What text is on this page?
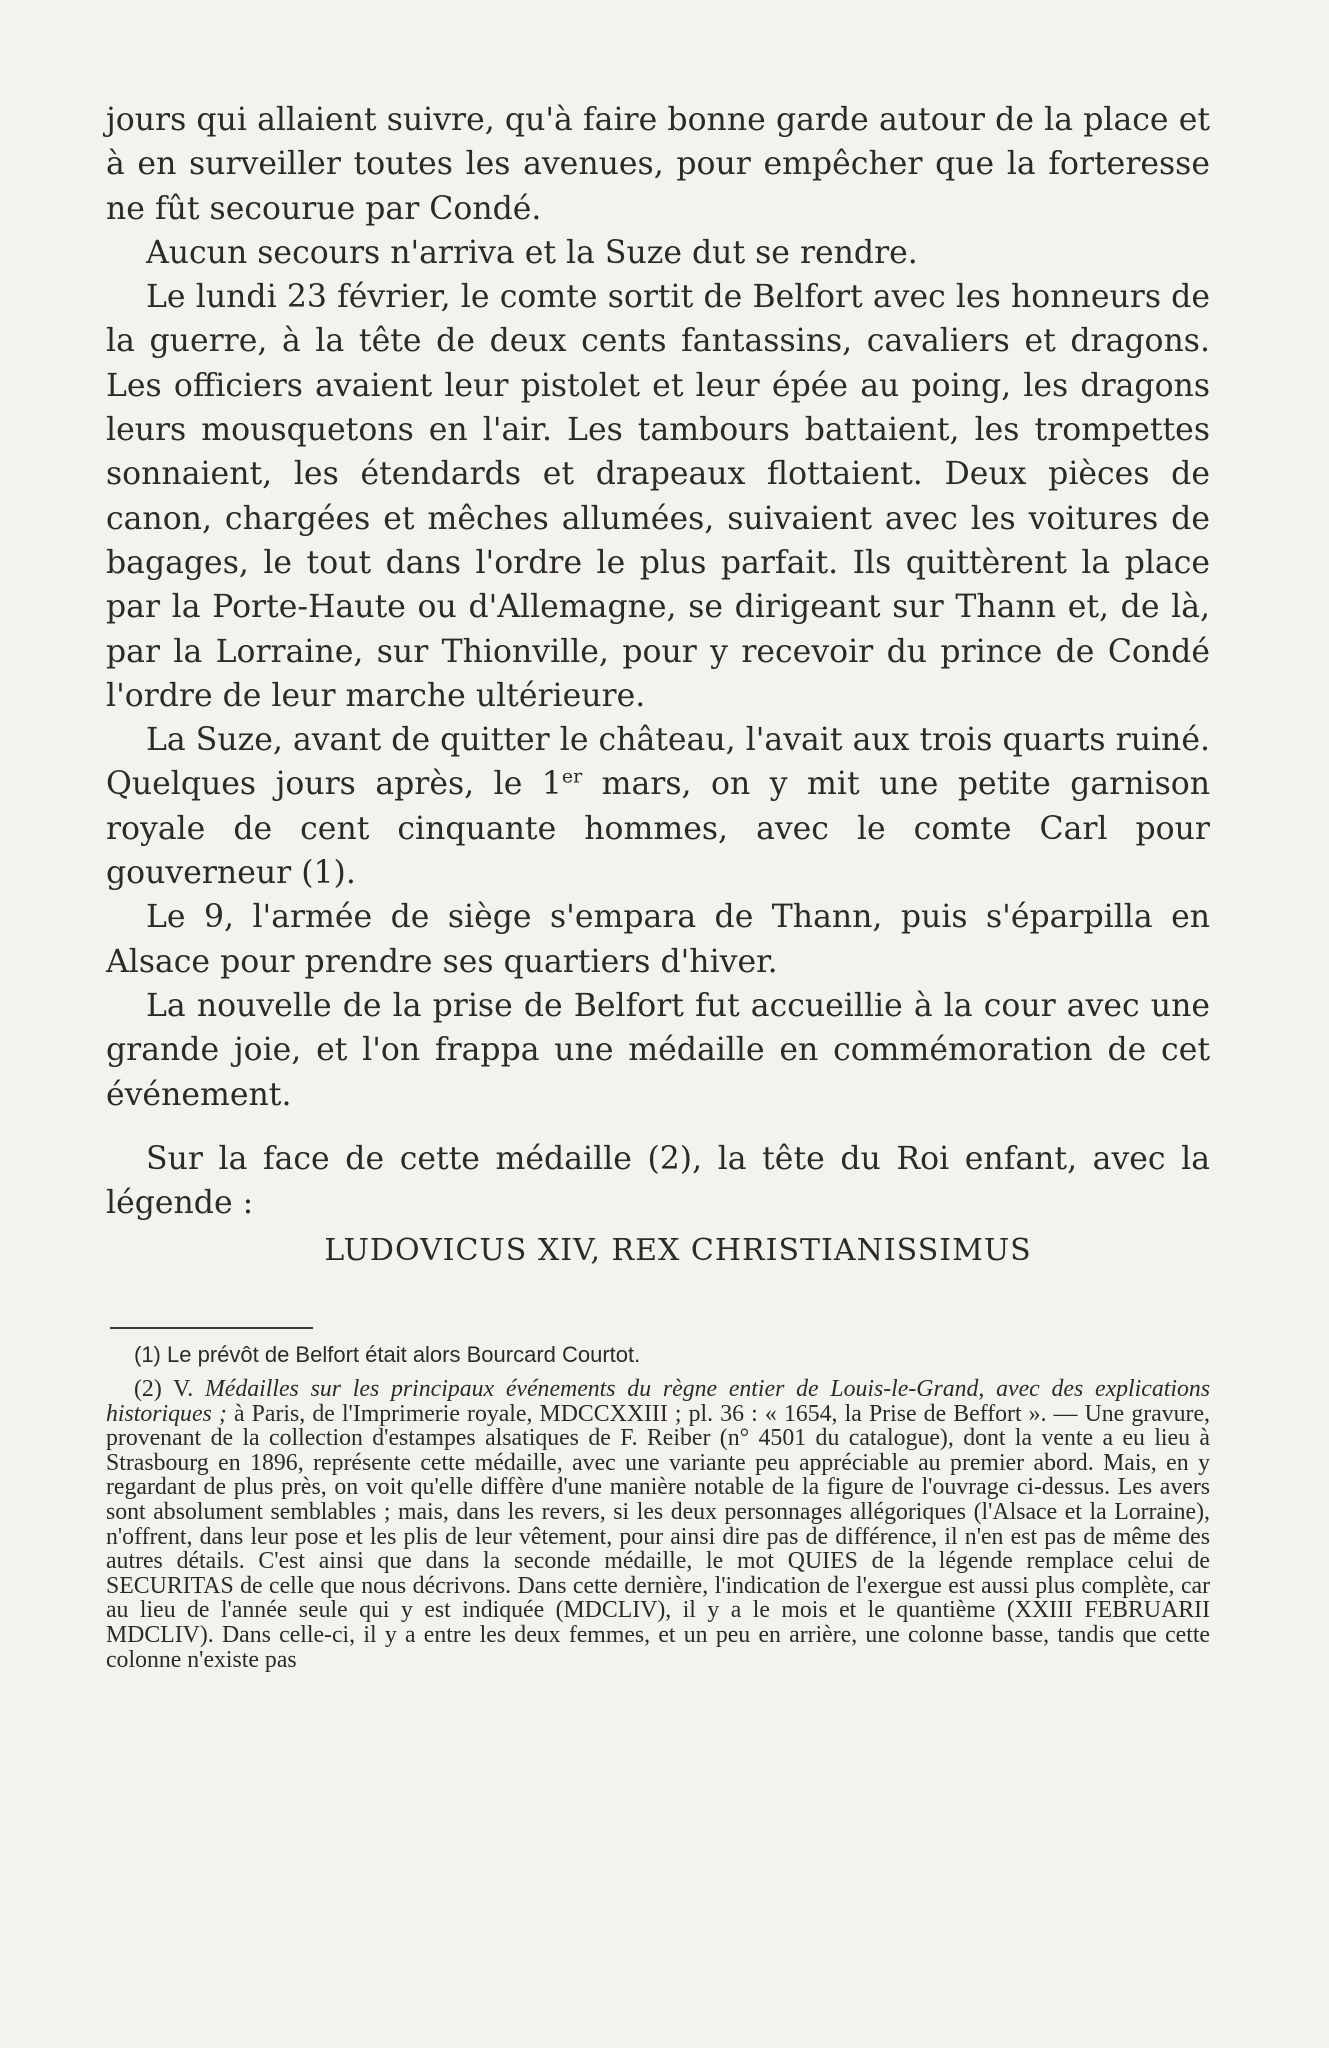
jours qui allaient suivre, qu'à faire bonne garde autour de la place et à en surveiller toutes les avenues, pour empêcher que la forteresse ne fût secourue par Condé.

Aucun secours n'arriva et la Suze dut se rendre.

Le lundi 23 février, le comte sortit de Belfort avec les honneurs de la guerre, à la tête de deux cents fantassins, cavaliers et dragons. Les officiers avaient leur pistolet et leur épée au poing, les dragons leurs mousquetons en l'air. Les tambours battaient, les trompettes sonnaient, les étendards et drapeaux flottaient. Deux pièces de canon, chargées et mêches allumées, suivaient avec les voitures de bagages, le tout dans l'ordre le plus parfait. Ils quittèrent la place par la Porte-Haute ou d'Allemagne, se dirigeant sur Thann et, de là, par la Lorraine, sur Thionville, pour y recevoir du prince de Condé l'ordre de leur marche ultérieure.

La Suze, avant de quitter le château, l'avait aux trois quarts ruiné. Quelques jours après, le 1er mars, on y mit une petite garnison royale de cent cinquante hommes, avec le comte Carl pour gouverneur (1).

Le 9, l'armée de siège s'empara de Thann, puis s'éparpilla en Alsace pour prendre ses quartiers d'hiver.

La nouvelle de la prise de Belfort fut accueillie à la cour avec une grande joie, et l'on frappa une médaille en commémoration de cet événement.

Sur la face de cette médaille (2), la tête du Roi enfant, avec la légende :

LUDOVICUS XIV, REX CHRISTIANISSIMUS

(1) Le prévôt de Belfort était alors Bourcard Courtot.

(2) V. Médailles sur les principaux événements du règne entier de Louis-le-Grand, avec des explications historiques ; à Paris, de l'Imprimerie royale, MDCCXXIII ; pl. 36 : « 1654, la Prise de Beffort ». — Une gravure, provenant de la collection d'estampes alsatiques de F. Reiber (n° 4501 du catalogue), dont la vente a eu lieu à Strasbourg en 1896, représente cette médaille, avec une variante peu appréciable au premier abord. Mais, en y regardant de plus près, on voit qu'elle diffère d'une manière notable de la figure de l'ouvrage ci-dessus. Les avers sont absolument semblables ; mais, dans les revers, si les deux personnages allégoriques (l'Alsace et la Lorraine), n'offrent, dans leur pose et les plis de leur vêtement, pour ainsi dire pas de différence, il n'en est pas de même des autres détails. C'est ainsi que dans la seconde médaille, le mot QUIES de la légende remplace celui de SECURITAS de celle que nous décrivons. Dans cette dernière, l'indication de l'exergue est aussi plus complète, car au lieu de l'année seule qui y est indiquée (MDCLIV), il y a le mois et le quantième (XXIII FEBRUARII MDCLIV). Dans celle-ci, il y a entre les deux femmes, et un peu en arrière, une colonne basse, tandis que cette colonne n'existe pas
